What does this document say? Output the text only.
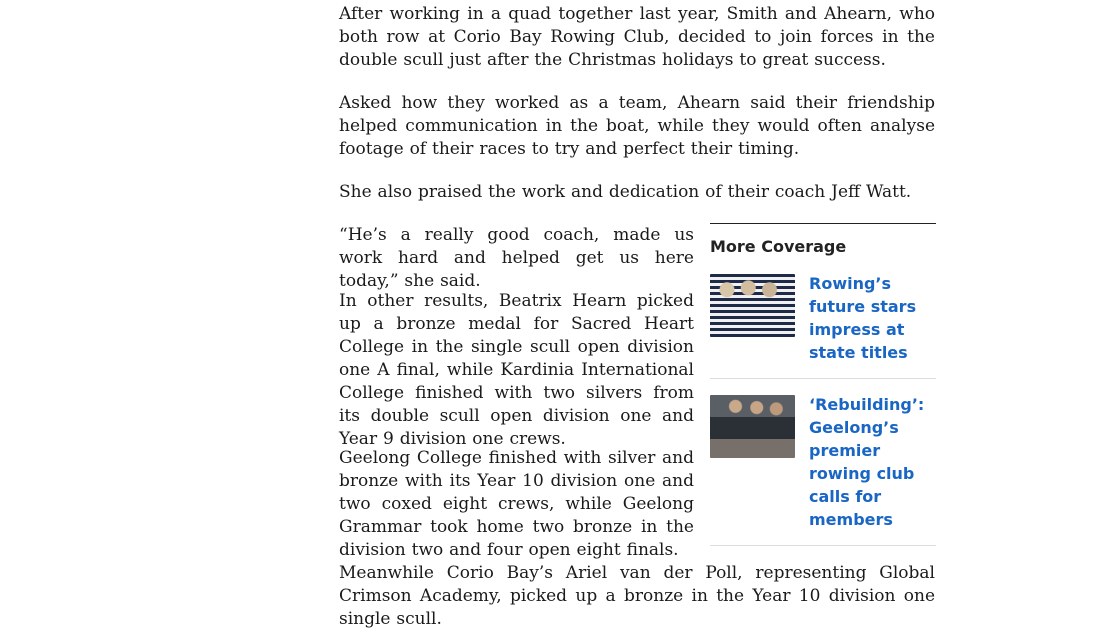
After working in a quad together last year, Smith and Ahearn, who both row at Corio Bay Rowing Club, decided to join forces in the double scull just after the Christmas holidays to great success.

Asked how they worked as a team, Ahearn said their friendship helped communication in the boat, while they would often analyse footage of their races to try and perfect their timing.

She also praised the work and dedication of their coach Jeff Watt.

“He’s a really good coach, made us work hard and helped get us here today,” she said.

In other results, Beatrix Hearn picked up a bronze medal for Sacred Heart College in the single scull open division one A final, while Kardinia International College finished with two silvers from its double scull open division one and Year 9 division one crews.

Geelong College finished with silver and bronze with its Year 10 division one and two coxed eight crews, while Geelong Grammar took home two bronze in the division two and four open eight finals.
Meanwhile Corio Bay’s Ariel van der Poll, representing Global Crimson Academy, picked up a bronze in the Year 10 division one single scull.
More Coverage
Rowing’s future stars impress at state titles
‘Rebuilding’: Geelong’s premier rowing club calls for members
